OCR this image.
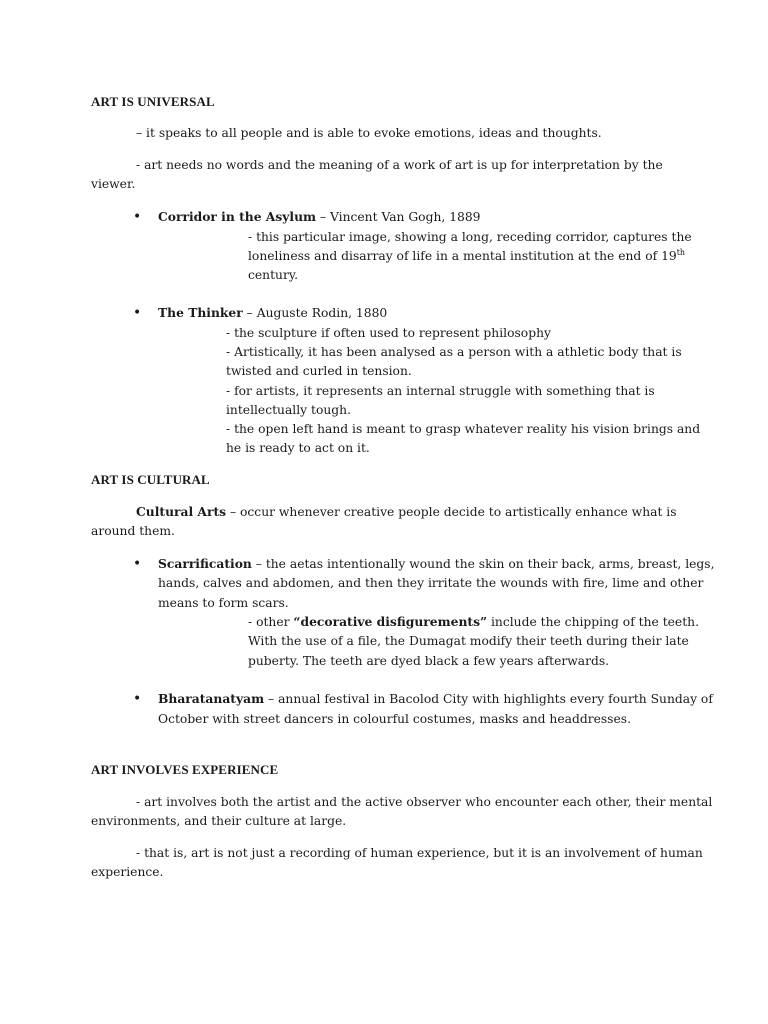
ART IS UNIVERSAL
– it speaks to all people and is able to evoke emotions, ideas and thoughts.
- art needs no words and the meaning of a work of art is up for interpretation by the
viewer.
• Corridor in the Asylum – Vincent Van Gogh, 1889
- this particular image, showing a long, receding corridor, captures the
loneliness and disarray of life in a mental institution at the end of 19th
century.
• The Thinker – Auguste Rodin, 1880
- the sculpture if often used to represent philosophy
- Artistically, it has been analysed as a person with a athletic body that is
twisted and curled in tension.
- for artists, it represents an internal struggle with something that is
intellectually tough.
- the open left hand is meant to grasp whatever reality his vision brings and
he is ready to act on it.
ART IS CULTURAL
Cultural Arts – occur whenever creative people decide to artistically enhance what is
around them.
• Scarrification – the aetas intentionally wound the skin on their back, arms, breast, legs,
hands, calves and abdomen, and then they irritate the wounds with fire, lime and other
means to form scars.
- other “decorative disfigurements” include the chipping of the teeth.
With the use of a file, the Dumagat modify their teeth during their late
puberty. The teeth are dyed black a few years afterwards.
• Bharatanatyam – annual festival in Bacolod City with highlights every fourth Sunday of
October with street dancers in colourful costumes, masks and headdresses.
ART INVOLVES EXPERIENCE
- art involves both the artist and the active observer who encounter each other, their mental
environments, and their culture at large.
- that is, art is not just a recording of human experience, but it is an involvement of human
experience.
